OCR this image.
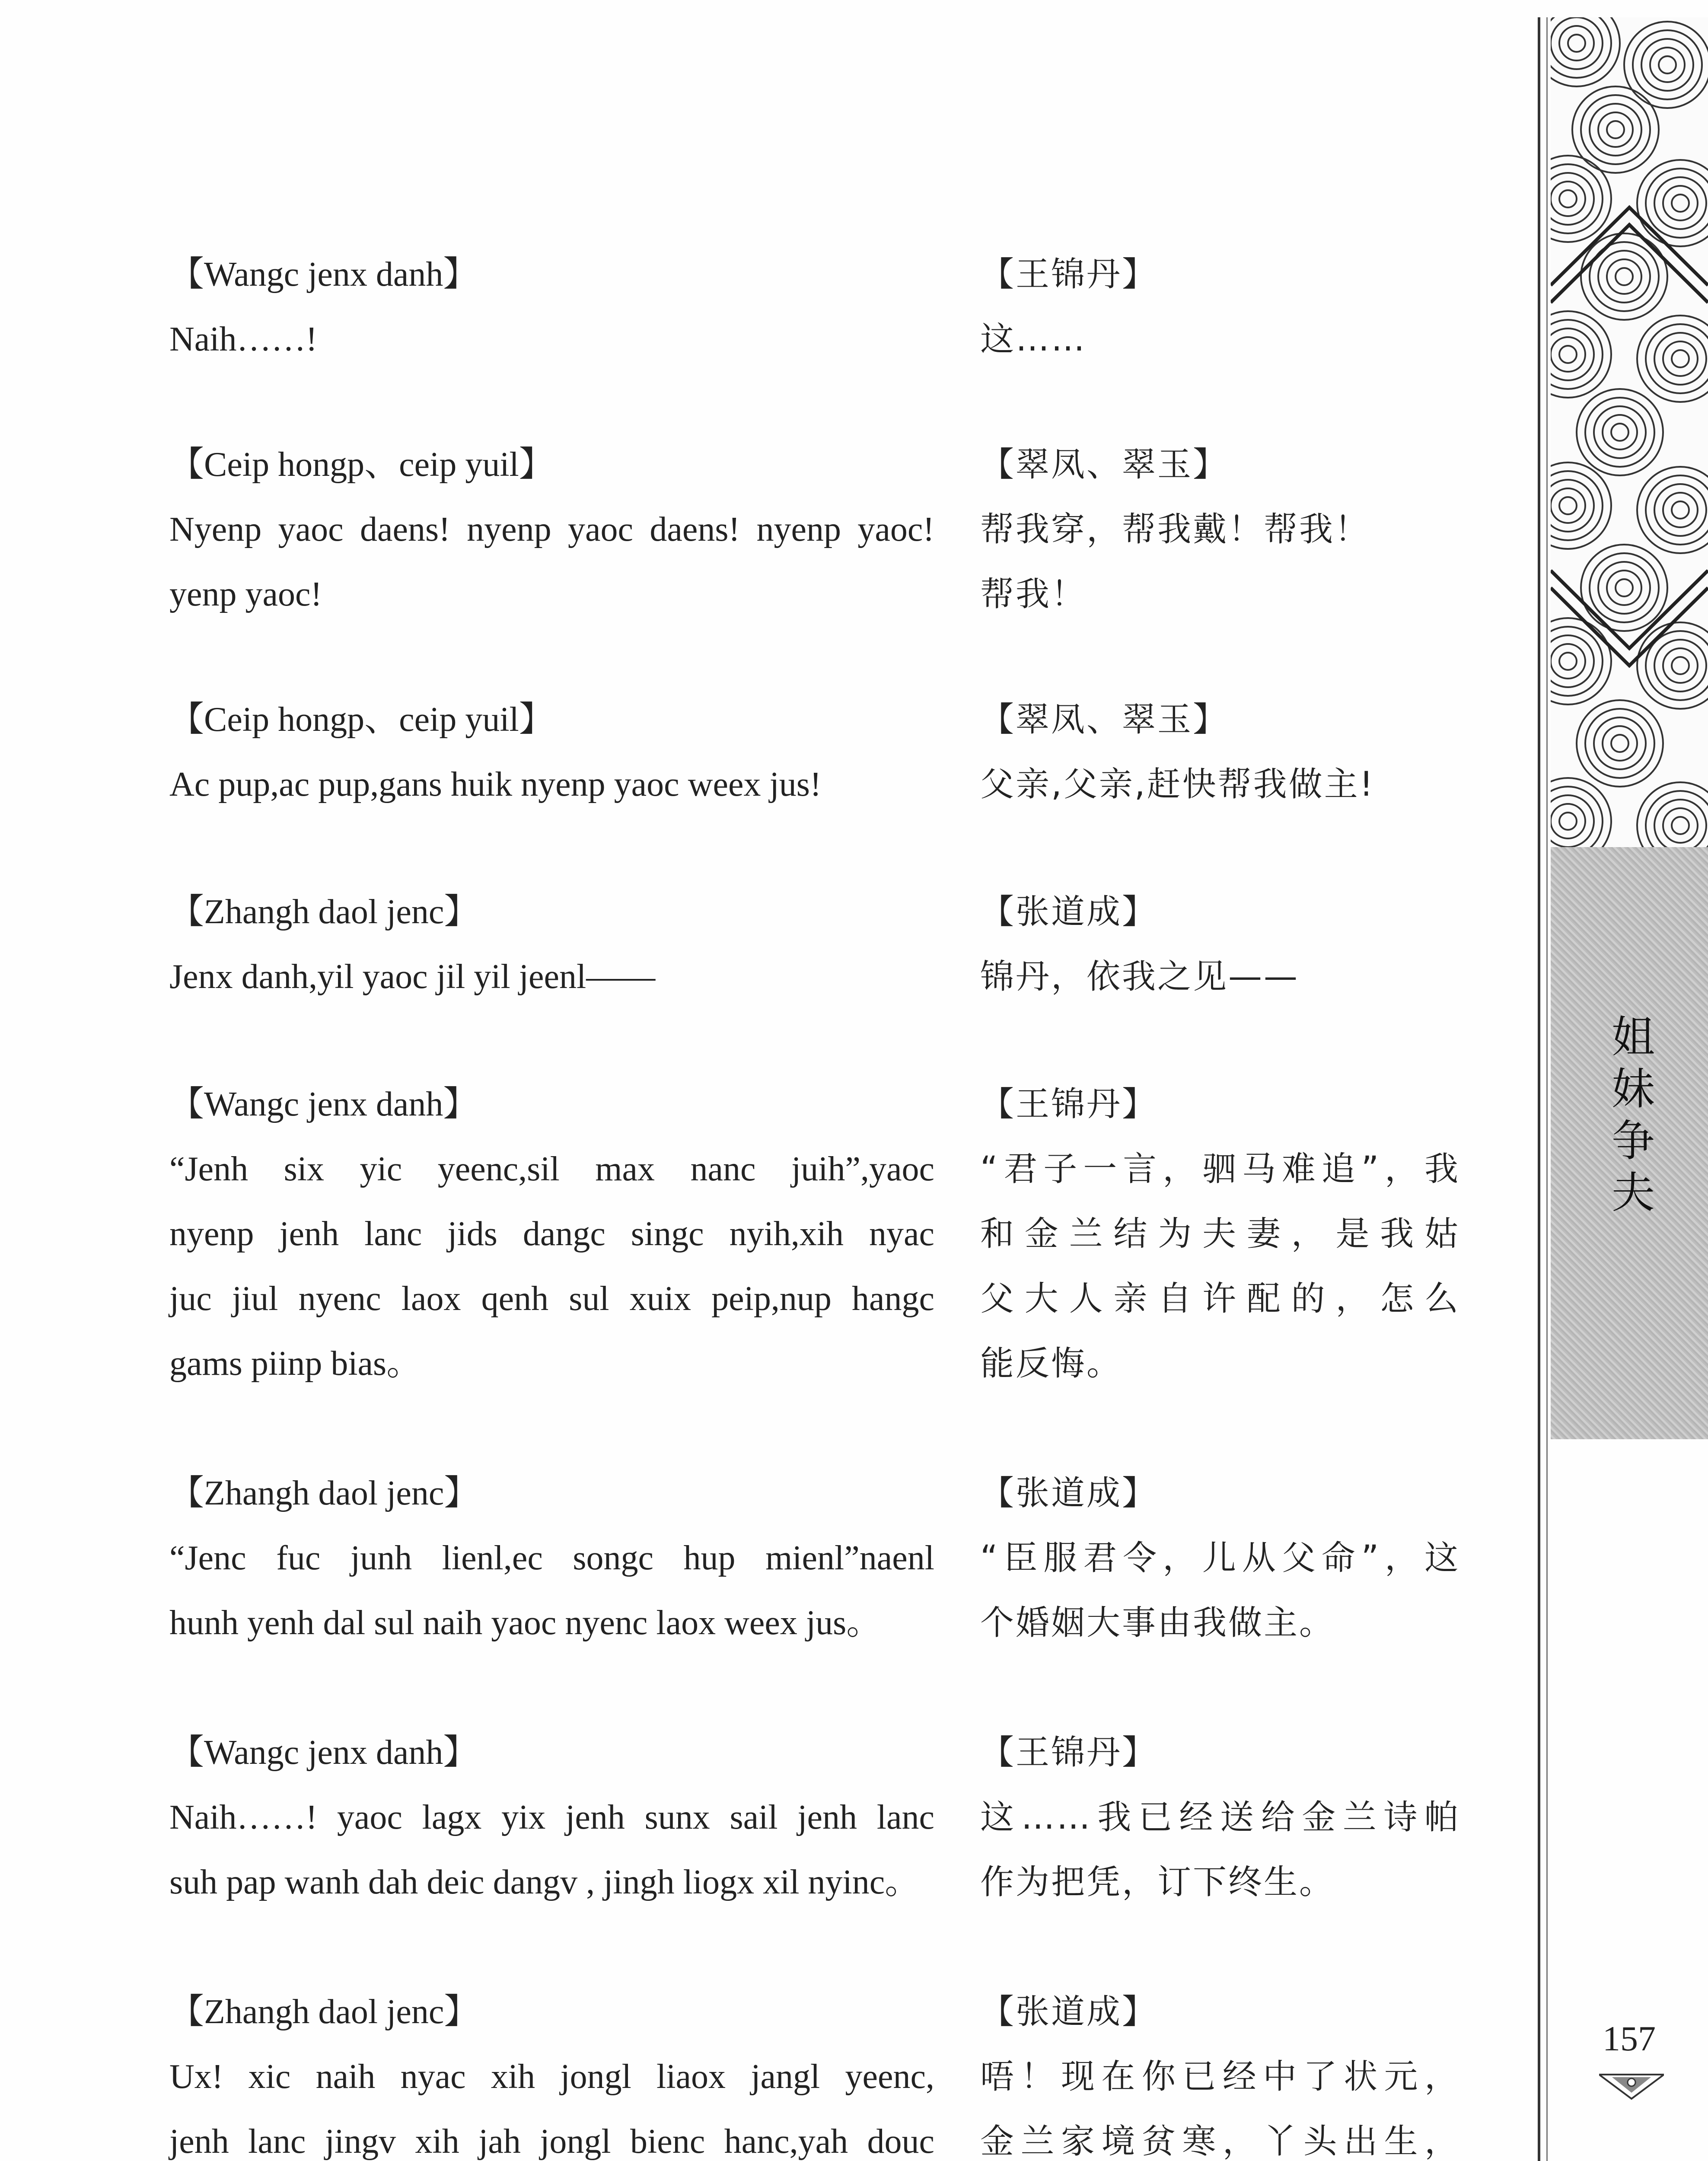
【Wangc jenx danh】
Naih……!
【Ceip hongp、ceip yuil】
Nyenp yaoc daens! nyenp yaoc daens! nyenp yaoc!
yenp yaoc!
【Ceip hongp、ceip yuil】
Ac pup,ac pup,gans huik nyenp yaoc weex jus!
【Zhangh daol jenc】
Jenx danh,yil yaoc jil yil jeenl——
【Wangc jenx danh】
“Jenh six yic yeenc,sil max nanc juih”,yaoc
nyenp jenh lanc jids dangc singc nyih,xih nyac
juc jiul nyenc laox qenh sul xuix peip,nup hangc
gams piinp bias。
【Zhangh daol jenc】
“Jenc fuc junh lienl,ec songc hup mienl”naenl
hunh yenh dal sul naih yaoc nyenc laox weex jus。
【Wangc jenx danh】
Naih……! yaoc lagx yix jenh sunx sail jenh lanc
suh pap wanh dah deic dangv , jingh liogx xil nyinc。
【Zhangh daol jenc】
Ux! xic naih nyac xih jongl liaox jangl yeenc,
jenh lanc jingv xih jah jongl bienc hanc,yah douc
【王锦丹】
这……
【翠凤、翠玉】
帮我穿，帮我戴！帮我！
帮我！
【翠凤、翠玉】
父亲,父亲,赶快帮我做主!
【张道成】
锦丹，依我之见——
【王锦丹】
“君子一言，驷马难追”，我
和金兰结为夫妻，是我姑
父大人亲自许配的，怎么
能反悔。
【张道成】
“臣服君令，儿从父命”，这
个婚姻大事由我做主。
【王锦丹】
这……我已经送给金兰诗帕
作为把凭，订下终生。
【张道成】
唔！现在你已经中了状元，
金兰家境贫寒，丫头出生，
姐
妹
争
夫
157
